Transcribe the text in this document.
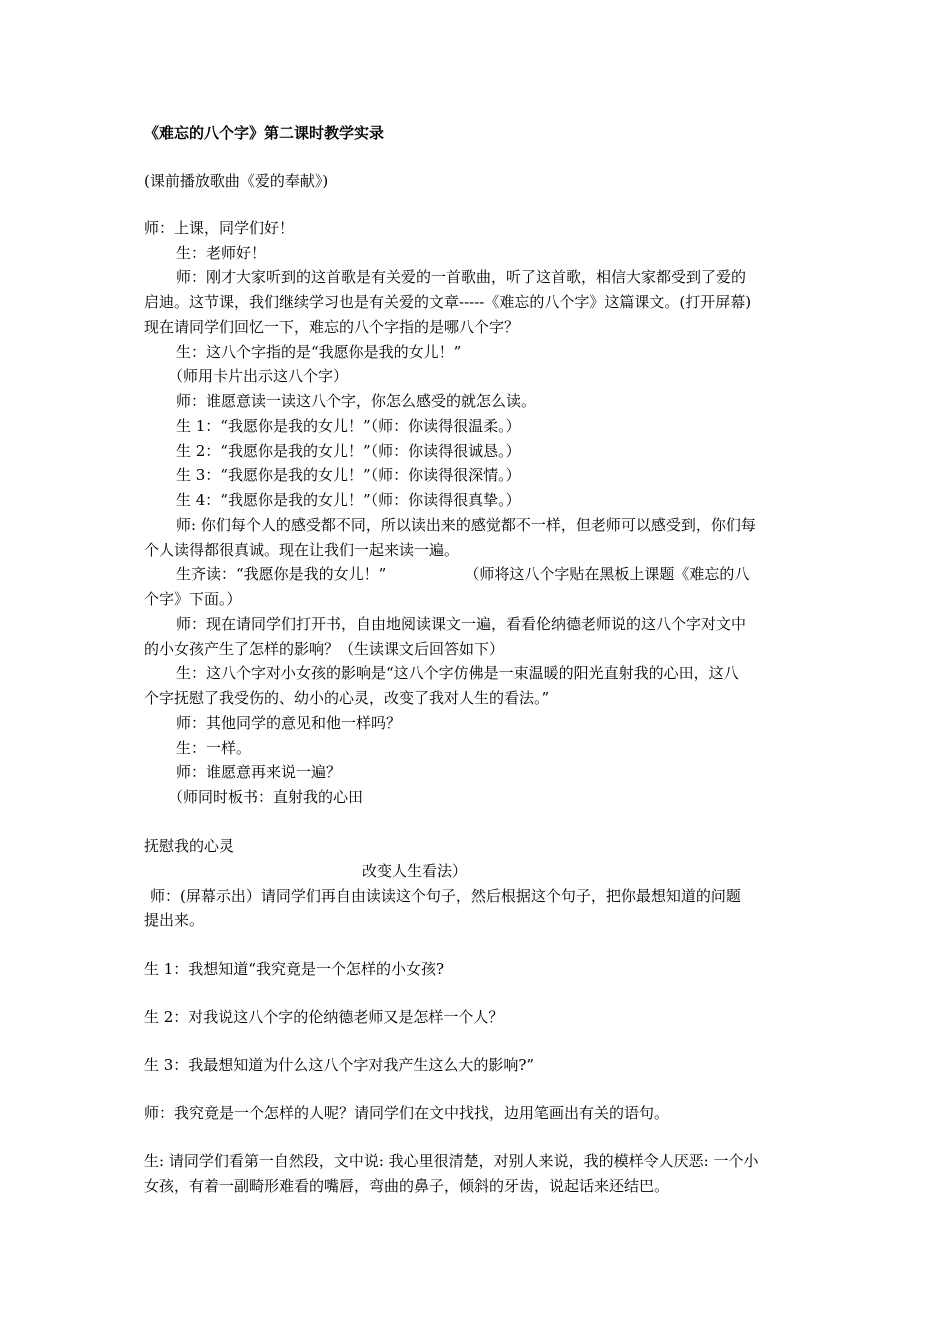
《难忘的八个字》第二课时教学实录

(课前播放歌曲《爱的奉献》)

师：上课，同学们好！

生：老师好！

师：刚才大家听到的这首歌是有关爱的一首歌曲，听了这首歌，相信大家都受到了爱的

启迪。这节课，我们继续学习也是有关爱的文章-----《难忘的八个字》这篇课文。(打开屏幕)

现在请同学们回忆一下，难忘的八个字指的是哪八个字？

生：这八个字指的是“我愿你是我的女儿！”

（师用卡片出示这八个字）

师：谁愿意读一读这八个字，你怎么感受的就怎么读。

生 1：“我愿你是我的女儿！”（师：你读得很温柔。）

生 2：“我愿你是我的女儿！”（师：你读得很诚恳。）

生 3：“我愿你是我的女儿！”（师：你读得很深情。）

生 4：“我愿你是我的女儿！”（师：你读得很真挚。）

师: 你们每个人的感受都不同，所以读出来的感觉都不一样，但老师可以感受到，你们每

个人读得都很真诚。现在让我们一起来读一遍。

生齐读：“我愿你是我的女儿！”	（师将这八个字贴在黑板上课题《难忘的八

个字》下面。）

师：现在请同学们打开书，自由地阅读课文一遍，看看伦纳德老师说的这八个字对文中

的小女孩产生了怎样的影响？（生读课文后回答如下）

生：这八个字对小女孩的影响是“这八个字仿佛是一束温暖的阳光直射我的心田，这八

个字抚慰了我受伤的、幼小的心灵，改变了我对人生的看法。”

师：其他同学的意见和他一样吗？

生：一样。

师：谁愿意再来说一遍？

（师同时板书：直射我的心田

抚慰我的心灵

改变人生看法）

师：(屏幕示出）请同学们再自由读读这个句子，然后根据这个句子，把你最想知道的问题

提出来。

生 1：我想知道“我究竟是一个怎样的小女孩?

生 2：对我说这八个字的伦纳德老师又是怎样一个人？

生 3：我最想知道为什么这八个字对我产生这么大的影响?”

师：我究竟是一个怎样的人呢？请同学们在文中找找，边用笔画出有关的语句。

生: 请同学们看第一自然段，文中说: 我心里很清楚，对别人来说，我的模样令人厌恶: 一个小

女孩，有着一副畸形难看的嘴唇，弯曲的鼻子，倾斜的牙齿，说起话来还结巴。
